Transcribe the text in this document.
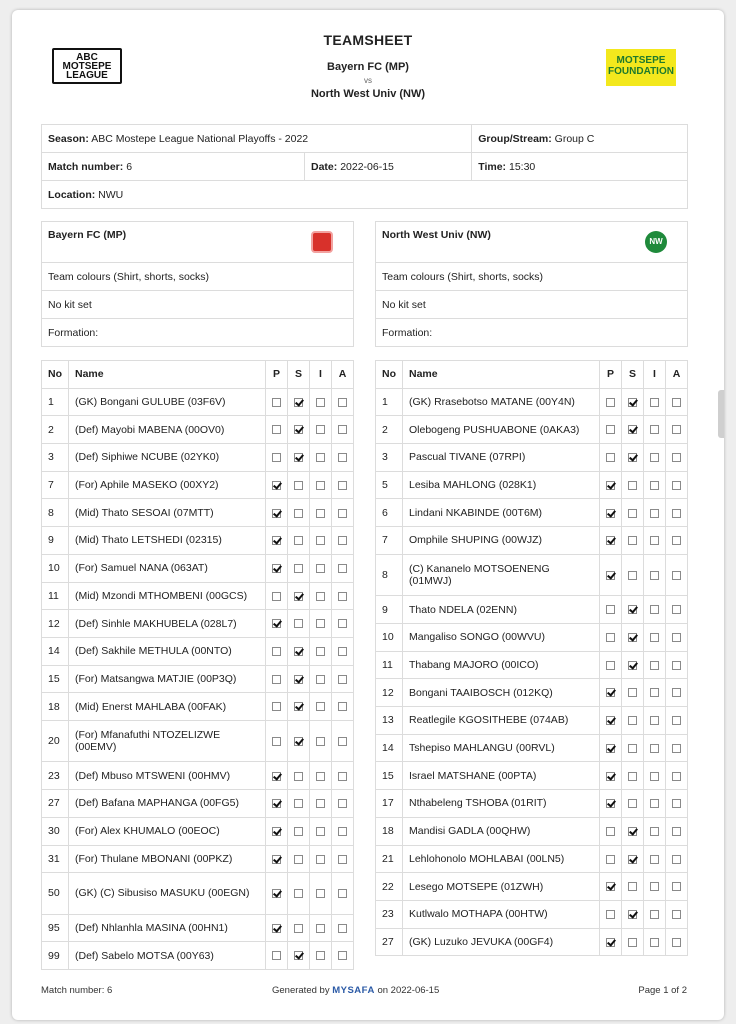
ABC
MOTSEPE
LEAGUE
MOTSEPE
FOUNDATION
TEAMSHEET
Bayern FC (MP)
vs
North West Univ (NW)
Season: ABC Mostepe League National Playoffs - 2022		Group/Stream: Group C
Match number: 6	Date: 2022-06-15	Time: 15:30
Location: NWU		
Bayern FC (MP)

Team colours (Shirt, shorts, socks)
No kit set
Formation:
North West Univ (NW)
NW

Team colours (Shirt, shorts, socks)
No kit set
Formation:
No	Name	P	S	I	A
1	(GK) Bongani GULUBE (03F6V)				
2	(Def) Mayobi MABENA (00OV0)				
3	(Def) Siphiwe NCUBE (02YK0)				
7	(For) Aphile MASEKO (00XY2)				
8	(Mid) Thato SESOAI (07MTT)				
9	(Mid) Thato LETSHEDI (02315)				
10	(For) Samuel NANA (063AT)				
11	(Mid) Mzondi MTHOMBENI (00GCS)				
12	(Def) Sinhle MAKHUBELA (028L7)				
14	(Def) Sakhile METHULA (00NTO)				
15	(For) Matsangwa MATJIE (00P3Q)				
18	(Mid) Enerst MAHLABA (00FAK)				
20	(For) Mfanafuthi NTOZELIZWE (00EMV)				
23	(Def) Mbuso MTSWENI (00HMV)				
27	(Def) Bafana MAPHANGA (00FG5)				
30	(For) Alex KHUMALO (00EOC)				
31	(For) Thulane MBONANI (00PKZ)				
50	(GK) (C) Sibusiso MASUKU (00EGN)				
95	(Def) Nhlanhla MASINA (00HN1)				
99	(Def) Sabelo MOTSA (00Y63)				
No	Name	P	S	I	A
1	(GK) Rrasebotso MATANE (00Y4N)				
2	Olebogeng PUSHUABONE (0AKA3)				
3	Pascual TIVANE (07RPI)				
5	Lesiba MAHLONG (028K1)				
6	Lindani NKABINDE (00T6M)				
7	Omphile SHUPING (00WJZ)				
8	(C) Kananelo MOTSOENENG (01MWJ)				
9	Thato NDELA (02ENN)				
10	Mangaliso SONGO (00WVU)				
11	Thabang MAJORO (00ICO)				
12	Bongani TAAIBOSCH (012KQ)				
13	Reatlegile KGOSITHEBE (074AB)				
14	Tshepiso MAHLANGU (00RVL)				
15	Israel MATSHANE (00PTA)				
17	Nthabeleng TSHOBA (01RIT)				
18	Mandisi GADLA (00QHW)				
21	Lehlohonolo MOHLABAI (00LN5)				
22	Lesego MOTSEPE (01ZWH)				
23	Kutlwalo MOTHAPA (00HTW)				
27	(GK) Luzuko JEVUKA (00GF4)				
Match number: 6	Generated by MYSAFA on 2022-06-15	Page 1 of 2
